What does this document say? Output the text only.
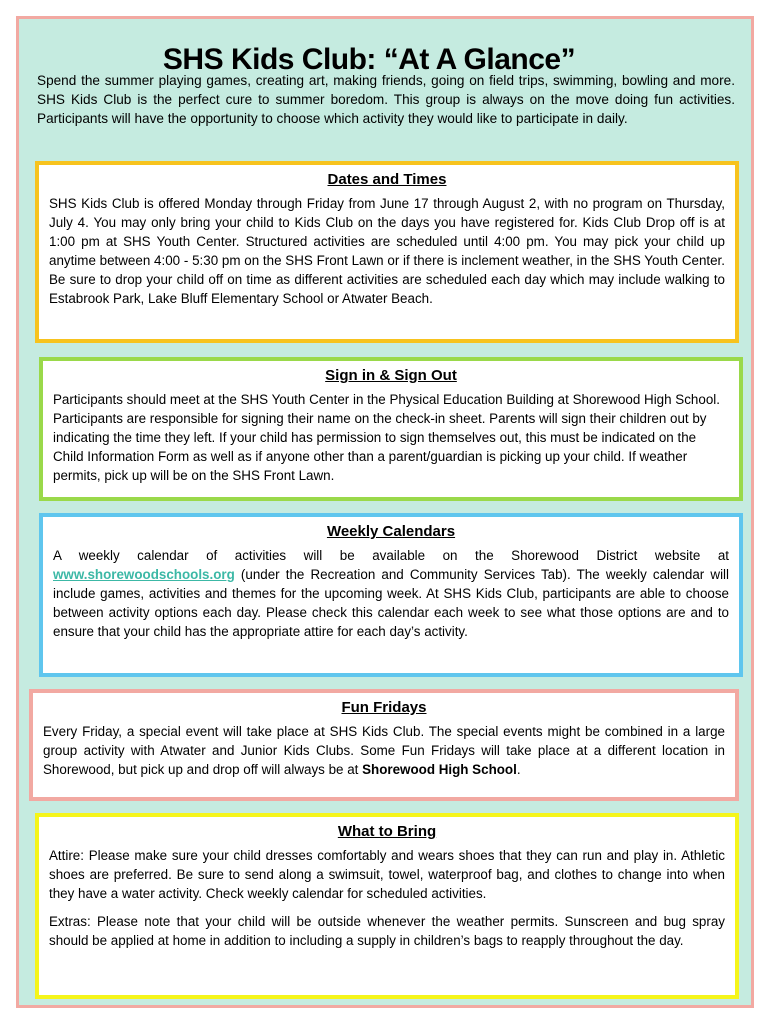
SHS Kids Club: “At A Glance”
Spend the summer playing games, creating art, making friends, going on field trips, swimming, bowling and more. SHS Kids Club is the perfect cure to summer boredom. This group is always on the move doing fun activities. Participants will have the opportunity to choose which activity they would like to participate in daily.
Dates and Times

SHS Kids Club is offered Monday through Friday from June 17 through August 2, with no program on Thursday, July 4. You may only bring your child to Kids Club on the days you have registered for. Kids Club Drop off is at 1:00 pm at SHS Youth Center. Structured activities are scheduled until 4:00 pm. You may pick your child up anytime between 4:00 - 5:30 pm on the SHS Front Lawn or if there is inclement weather, in the SHS Youth Center. Be sure to drop your child off on time as different activities are scheduled each day which may include walking to Estabrook Park, Lake Bluff Elementary School or Atwater Beach.

Sign in & Sign Out

Participants should meet at the SHS Youth Center in the Physical Education Building at Shorewood High School. Participants are responsible for signing their name on the check-in sheet. Parents will sign their children out by indicating the time they left. If your child has permission to sign themselves out, this must be indicated on the Child Information Form as well as if anyone other than a parent/guardian is picking up your child. If weather permits, pick up will be on the SHS Front Lawn.

Weekly Calendars

A weekly calendar of activities will be available on the Shorewood District website at www.shorewoodschools.org (under the Recreation and Community Services Tab). The weekly calendar will include games, activities and themes for the upcoming week. At SHS Kids Club, participants are able to choose between activity options each day. Please check this calendar each week to see what those options are and to ensure that your child has the appropriate attire for each day’s activity.

Fun Fridays

Every Friday, a special event will take place at SHS Kids Club. The special events might be combined in a large group activity with Atwater and Junior Kids Clubs. Some Fun Fridays will take place at a different location in Shorewood, but pick up and drop off will always be at Shorewood High School.

What to Bring

Attire: Please make sure your child dresses comfortably and wears shoes that they can run and play in. Athletic shoes are preferred. Be sure to send along a swimsuit, towel, waterproof bag, and clothes to change into when they have a water activity. Check weekly calendar for scheduled activities.

Extras: Please note that your child will be outside whenever the weather permits. Sunscreen and bug spray should be applied at home in addition to including a supply in children’s bags to reapply throughout the day.
